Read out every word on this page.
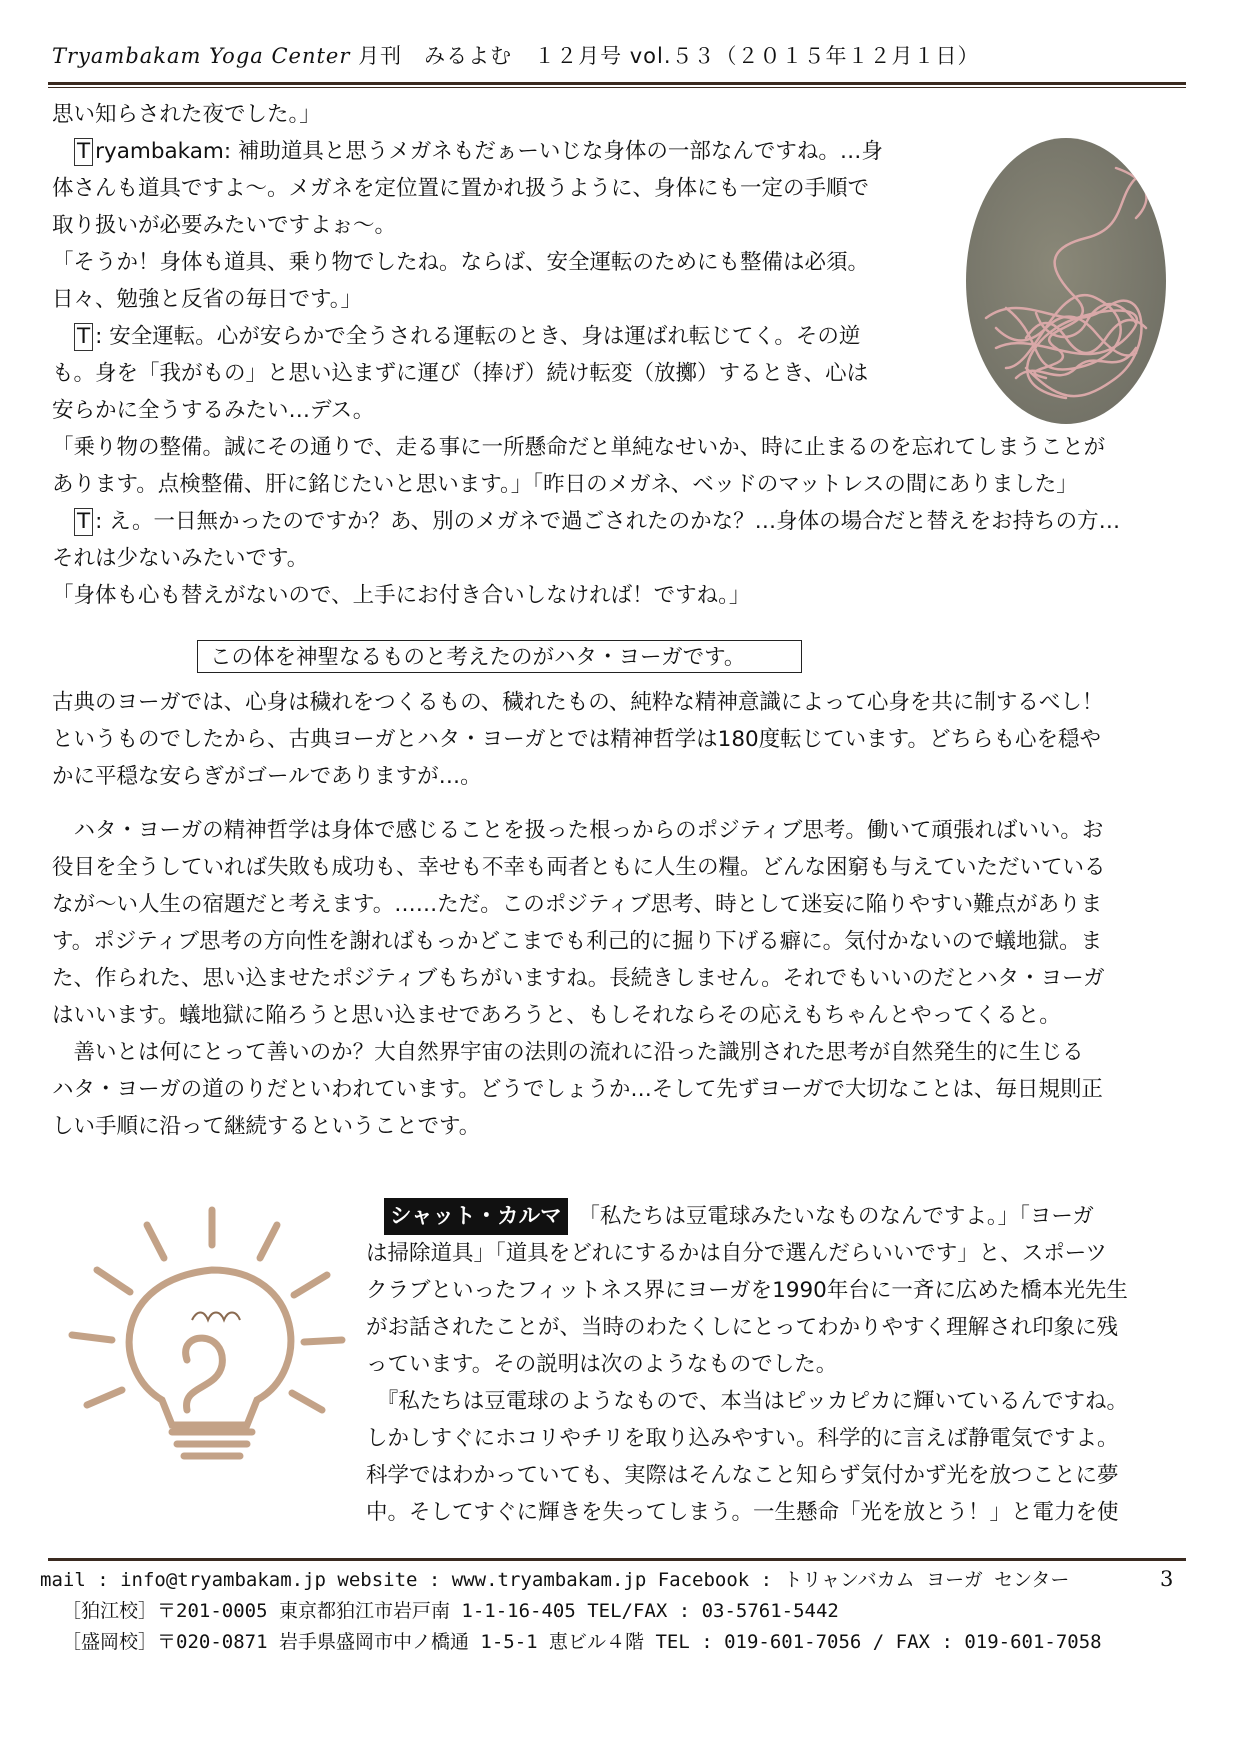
Tryambakam Yoga Center 月刊　みるよむ　１２月号 vol.５３（２０１５年１２月１日）
思い知らされた夜でした。」
T ryambakam: 補助道具と思うメガネもだぁーいじな身体の一部なんですね。…身
体さんも道具ですよ～。メガネを定位置に置かれ扱うように、身体にも一定の手順で
取り扱いが必要みたいですよぉ～。
「そうか！身体も道具、乗り物でしたね。ならば、安全運転のためにも整備は必須。
日々、勉強と反省の毎日です。」
T : 安全運転。心が安らかで全うされる運転のとき、身は運ばれ転じてく。その逆
も。身を「我がもの」と思い込まずに運び（捧げ）続け転変（放擲）するとき、心は
安らかに全うするみたい…デス。
「乗り物の整備。誠にその通りで、走る事に一所懸命だと単純なせいか、時に止まるのを忘れてしまうことが
あります。点検整備、肝に銘じたいと思います。」「昨日のメガネ、ベッドのマットレスの間にありました」
T : え。一日無かったのですか？あ、別のメガネで過ごされたのかな？…身体の場合だと替えをお持ちの方…
それは少ないみたいです。
「身体も心も替えがないので、上手にお付き合いしなければ！ですね。」
この体を神聖なるものと考えたのがハタ・ヨーガです。
古典のヨーガでは、心身は穢れをつくるもの、穢れたもの、純粋な精神意識によって心身を共に制するべし！
というものでしたから、古典ヨーガとハタ・ヨーガとでは精神哲学は180度転じています。どちらも心を穏や
かに平穏な安らぎがゴールでありますが…。
　ハタ・ヨーガの精神哲学は身体で感じることを扱った根っからのポジティブ思考。働いて頑張ればいい。お
役目を全うしていれば失敗も成功も、幸せも不幸も両者ともに人生の糧。どんな困窮も与えていただいている
なが～い人生の宿題だと考えます。……ただ。このポジティブ思考、時として迷妄に陥りやすい難点がありま
す。ポジティブ思考の方向性を謝ればもっかどこまでも利己的に掘り下げる癖に。気付かないので蟻地獄。ま
た、作られた、思い込ませたポジティブもちがいますね。長続きしません。それでもいいのだとハタ・ヨーガ
はいいます。蟻地獄に陥ろうと思い込ませであろうと、もしそれならその応えもちゃんとやってくると。
　善いとは何にとって善いのか？大自然界宇宙の法則の流れに沿った識別された思考が自然発生的に生じる
ハタ・ヨーガの道のりだといわれています。どうでしょうか…そして先ずヨーガで大切なことは、毎日規則正
しい手順に沿って継続するということです。
シャット・カルマ　「私たちは豆電球みたいなものなんですよ。」「ヨーガ
は掃除道具」「道具をどれにするかは自分で選んだらいいです」と、スポーツ
クラブといったフィットネス界にヨーガを1990年台に一斉に広めた橋本光先生
がお話されたことが、当時のわたくしにとってわかりやすく理解され印象に残
っています。その説明は次のようなものでした。
　『私たちは豆電球のようなもので、本当はピッカピカに輝いているんですね。
しかしすぐにホコリやチリを取り込みやすい。科学的に言えば静電気ですよ。
科学ではわかっていても、実際はそんなこと知らず気付かず光を放つことに夢
中。そしてすぐに輝きを失ってしまう。一生懸命「光を放とう！」と電力を使
mail : info@tryambakam.jp website : www.tryambakam.jp Facebook : トリャンバカム ヨーガ センター	3
［狛江校］〒201-0005 東京都狛江市岩戸南 1-1-16-405 TEL/FAX : 03-5761-5442
［盛岡校］〒020-0871 岩手県盛岡市中ノ橋通 1-5-1 恵ビル４階 TEL : 019-601-7056 / FAX : 019-601-7058
